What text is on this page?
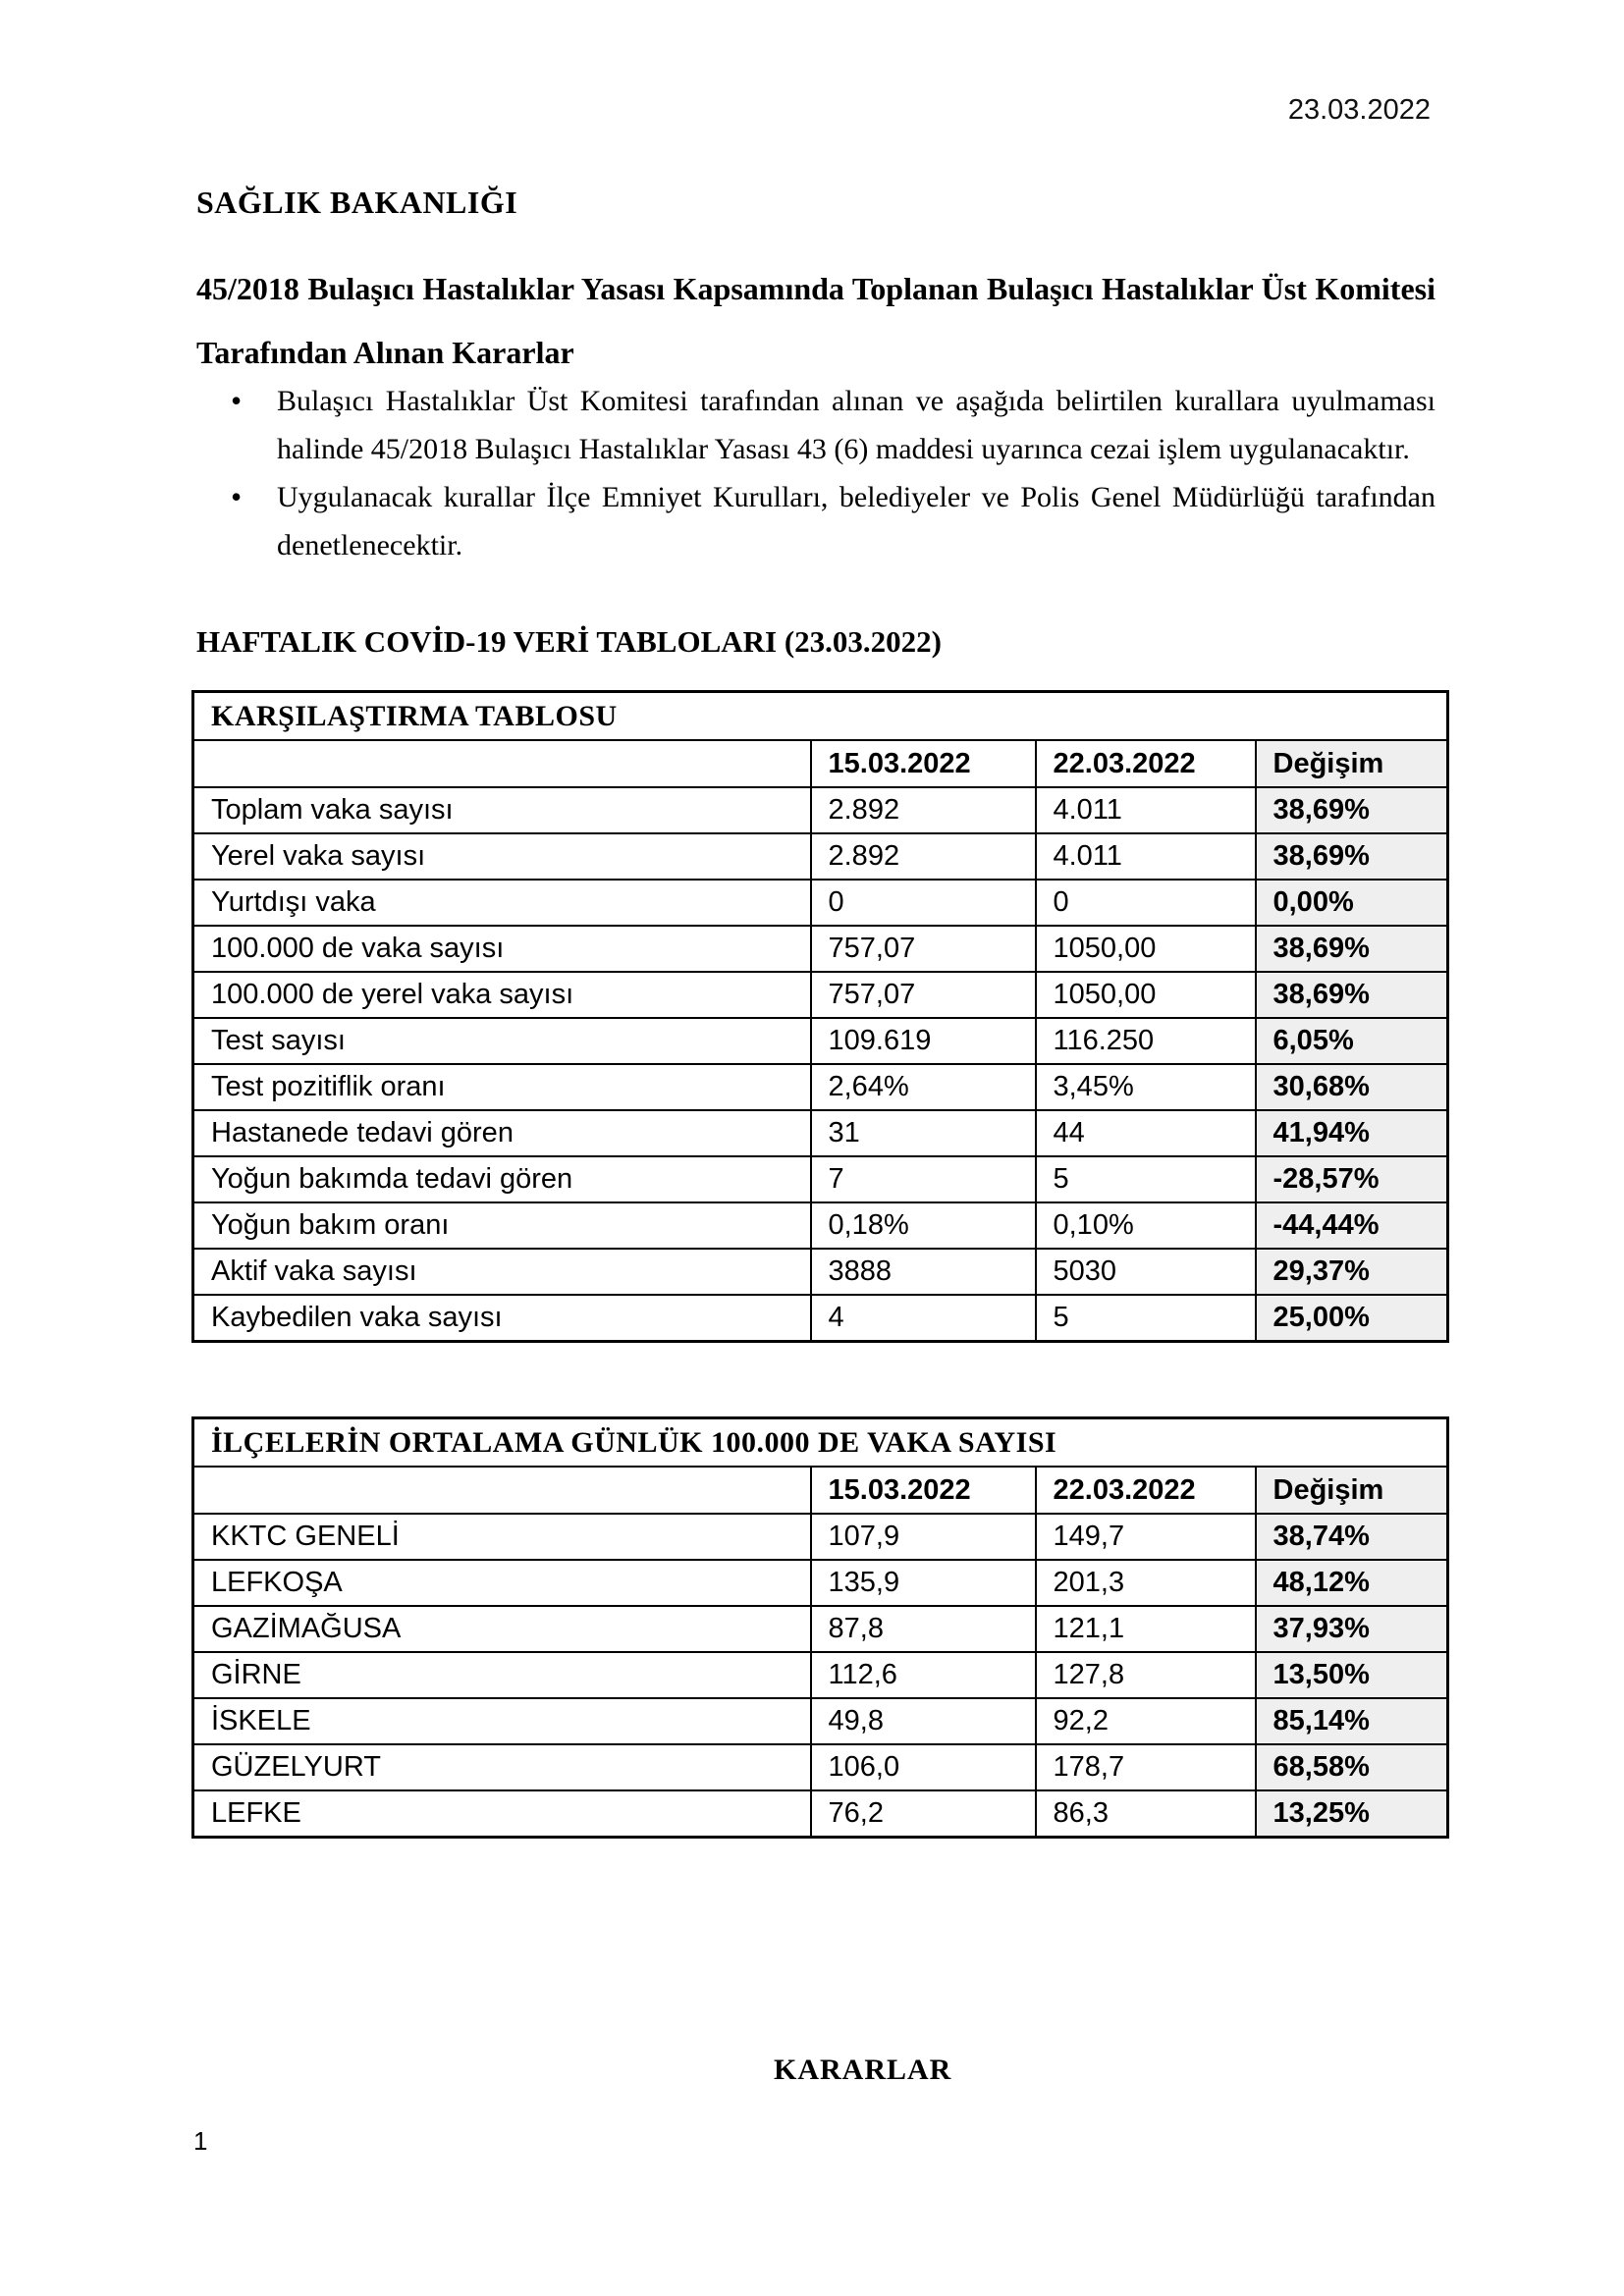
23.03.2022
SAĞLIK BAKANLIĞI
45/2018 Bulaşıcı Hastalıklar Yasası Kapsamında Toplanan Bulaşıcı Hastalıklar Üst Komitesi Tarafından Alınan Kararlar
• Bulaşıcı Hastalıklar Üst Komitesi tarafından alınan ve aşağıda belirtilen kurallara uyulmaması halinde 45/2018 Bulaşıcı Hastalıklar Yasası 43 (6) maddesi uyarınca cezai işlem uygulanacaktır.
• Uygulanacak kurallar İlçe Emniyet Kurulları, belediyeler ve Polis Genel Müdürlüğü tarafından denetlenecektir.
HAFTALIK COVİD-19 VERİ TABLOLARI (23.03.2022)
KARŞILAŞTIRMA TABLOSU			
	15.03.2022	22.03.2022	Değişim
Toplam vaka sayısı	2.892	4.011	38,69%
Yerel vaka sayısı	2.892	4.011	38,69%
Yurtdışı vaka	0	0	0,00%
100.000 de vaka sayısı	757,07	1050,00	38,69%
100.000 de yerel vaka sayısı	757,07	1050,00	38,69%
Test sayısı	109.619	116.250	6,05%
Test pozitiflik oranı	2,64%	3,45%	30,68%
Hastanede tedavi gören	31	44	41,94%
Yoğun bakımda tedavi gören	7	5	-28,57%
Yoğun bakım oranı	0,18%	0,10%	-44,44%
Aktif vaka sayısı	3888	5030	29,37%
Kaybedilen vaka sayısı	4	5	25,00%
İLÇELERİN ORTALAMA GÜNLÜK 100.000 DE VAKA SAYISI			
	15.03.2022	22.03.2022	Değişim
KKTC GENELİ	107,9	149,7	38,74%
LEFKOŞA	135,9	201,3	48,12%
GAZİMAĞUSA	87,8	121,1	37,93%
GİRNE	112,6	127,8	13,50%
İSKELE	49,8	92,2	85,14%
GÜZELYURT	106,0	178,7	68,58%
LEFKE	76,2	86,3	13,25%
KARARLAR
1
